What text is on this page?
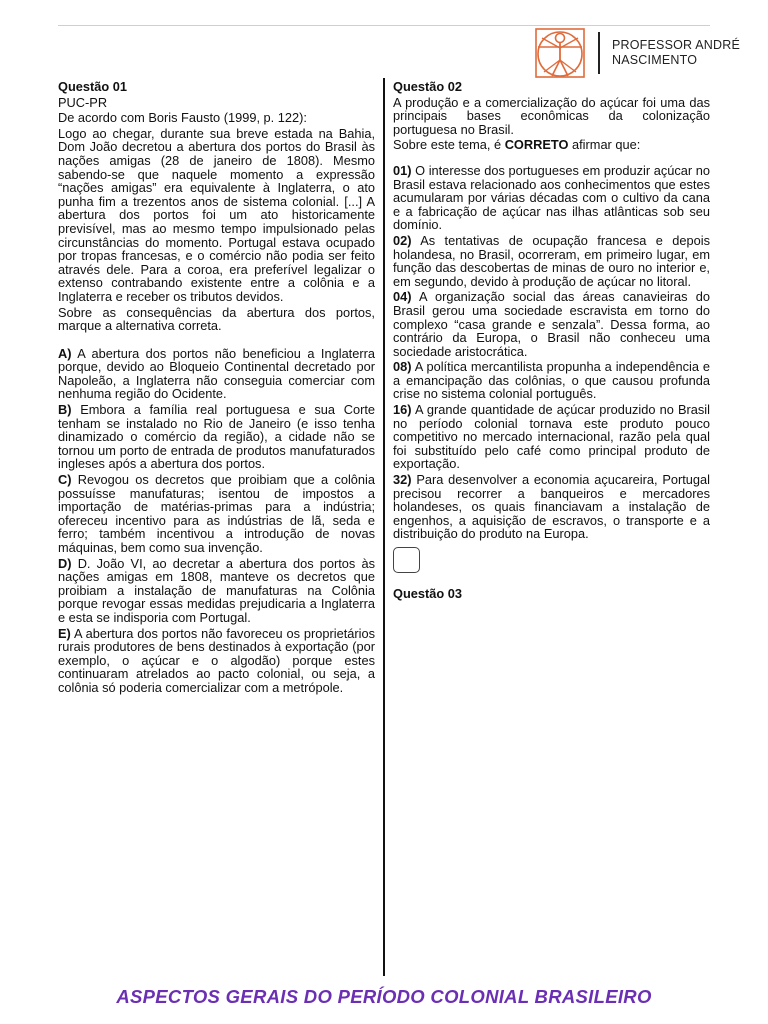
PROFESSOR ANDRÉ
NASCIMENTO

Questão 01

PUC-PR

De acordo com Boris Fausto (1999, p. 122):

Logo ao chegar, durante sua breve estada na Bahia, Dom João decretou a abertura dos portos do Brasil às nações amigas (28 de janeiro de 1808). Mesmo sabendo-se que naquele momento a expressão “nações amigas” era equivalente à Inglaterra, o ato punha fim a trezentos anos de sistema colonial. [...] A abertura dos portos foi um ato historicamente previsível, mas ao mesmo tempo impulsionado pelas circunstâncias do momento. Portugal estava ocupado por tropas francesas, e o comércio não podia ser feito através dele. Para a coroa, era preferível legalizar o extenso contrabando existente entre a colônia e a Inglaterra e receber os tributos devidos.

Sobre as consequências da abertura dos portos, marque a alternativa correta.

A) A abertura dos portos não beneficiou a Inglaterra porque, devido ao Bloqueio Continental decretado por Napoleão, a Inglaterra não conseguia comerciar com nenhuma região do Ocidente.

B) Embora a família real portuguesa e sua Corte tenham se instalado no Rio de Janeiro (e isso tenha dinamizado o comércio da região), a cidade não se tornou um porto de entrada de produtos manufaturados ingleses após a abertura dos portos.

C) Revogou os decretos que proibiam que a colônia possuísse manufaturas; isentou de impostos a importação de matérias-primas para a indústria; ofereceu incentivo para as indústrias de lã, seda e ferro; também incentivou a introdução de novas máquinas, bem como sua invenção.

D) D. João VI, ao decretar a abertura dos portos às nações amigas em 1808, manteve os decretos que proibiam a instalação de manufaturas na Colônia porque revogar essas medidas prejudicaria a Inglaterra e esta se indisporia com Portugal.

E) A abertura dos portos não favoreceu os proprietários rurais produtores de bens destinados à exportação (por exemplo, o açúcar e o algodão) porque estes continuaram atrelados ao pacto colonial, ou seja, a colônia só poderia comercializar com a metrópole.

Questão 02

A produção e a comercialização do açúcar foi uma das principais bases econômicas da colonização portuguesa no Brasil.

Sobre este tema, é CORRETO afirmar que:

01) O interesse dos portugueses em produzir açúcar no Brasil estava relacionado aos conhecimentos que estes acumularam por várias décadas com o cultivo da cana e a fabricação de açúcar nas ilhas atlânticas sob seu domínio.

02) As tentativas de ocupação francesa e depois holandesa, no Brasil, ocorreram, em primeiro lugar, em função das descobertas de minas de ouro no interior e, em segundo, devido à produção de açúcar no litoral.

04) A organização social das áreas canavieiras do Brasil gerou uma sociedade escravista em torno do complexo “casa grande e senzala”. Dessa forma, ao contrário da Europa, o Brasil não conheceu uma sociedade aristocrática.

08) A política mercantilista propunha a independência e a emancipação das colônias, o que causou profunda crise no sistema colonial português.

16) A grande quantidade de açúcar produzido no Brasil no período colonial tornava este produto pouco competitivo no mercado internacional, razão pela qual foi substituído pelo café como principal produto de exportação.

32) Para desenvolver a economia açucareira, Portugal precisou recorrer a banqueiros e mercadores holandeses, os quais financiavam a instalação de engenhos, a aquisição de escravos, o transporte e a distribuição do produto na Europa.

Questão 03

ASPECTOS GERAIS DO PERÍODO COLONIAL BRASILEIRO
